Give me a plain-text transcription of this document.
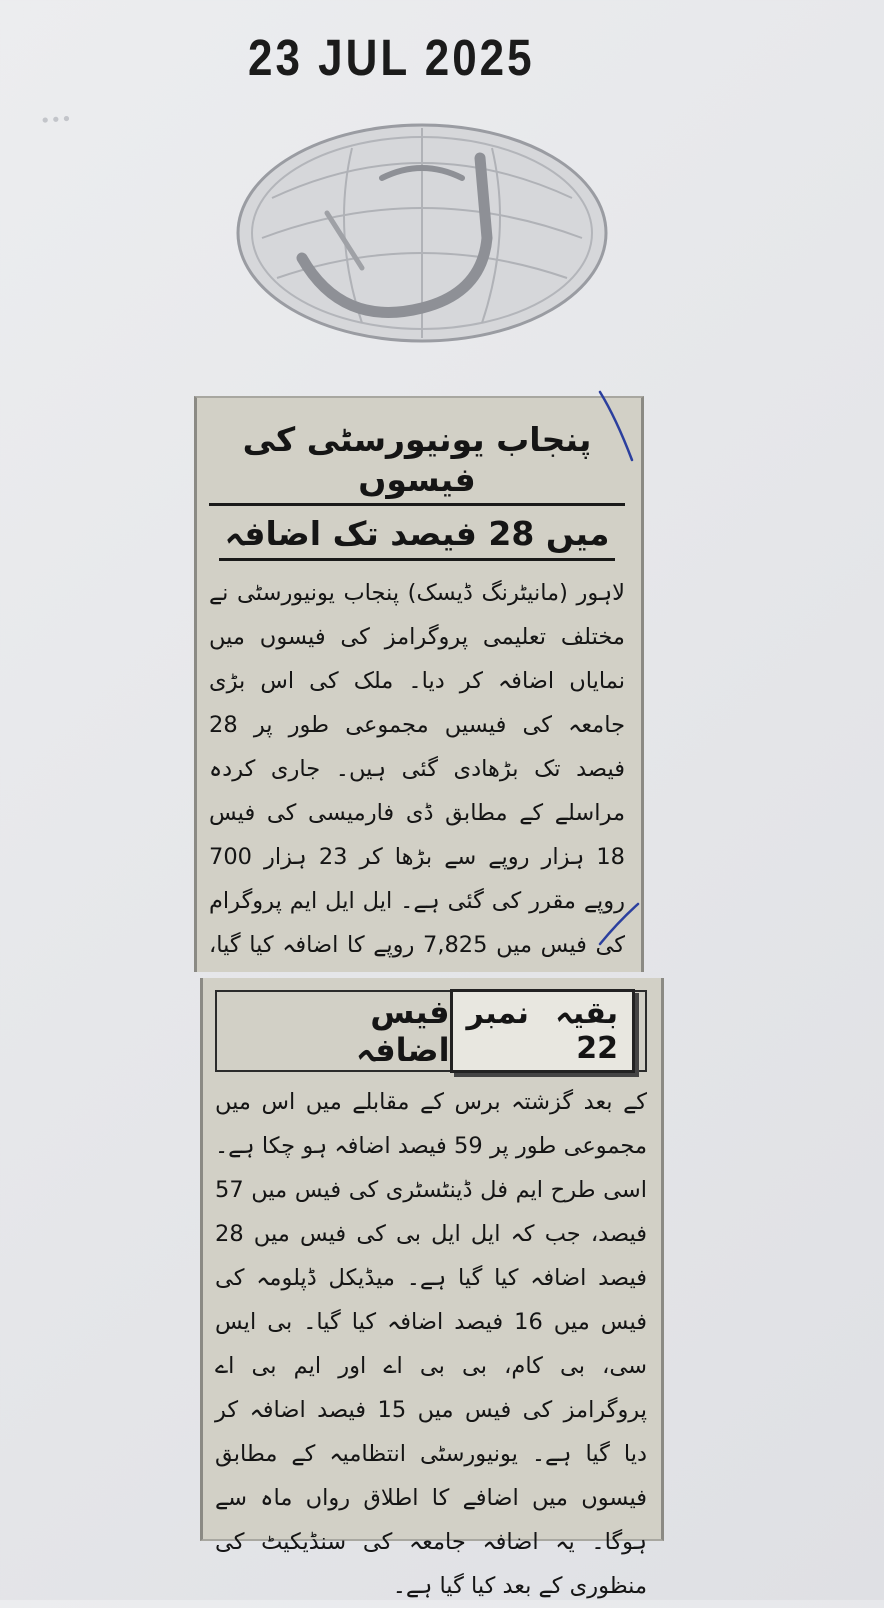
23 JUL 2025
•••
پنجاب یونیورسٹی کی فیسوں
میں 28 فیصد تک اضافہ

لاہور (مانیٹرنگ ڈیسک) پنجاب یونیورسٹی نے مختلف تعلیمی پروگرامز کی فیسوں میں نمایاں اضافہ کر دیا۔ ملک کی اس بڑی جامعہ کی فیسیں مجموعی طور پر 28 فیصد تک بڑھادی گئی ہیں۔ جاری کردہ مراسلے کے مطابق ڈی فارمیسی کی فیس 18 ہزار روپے سے بڑھا کر 23 ہزار 700 روپے مقرر کی گئی ہے۔ ایل ایل ایم پروگرام کی فیس میں 7,825 روپے کا اضافہ کیا گیا،

بقیہ نمبر 22
فیس اضافہ

کے بعد گزشتہ برس کے مقابلے میں اس میں مجموعی طور پر 59 فیصد اضافہ ہو چکا ہے۔ اسی طرح ایم فل ڈینٹسٹری کی فیس میں 57 فیصد، جب کہ ایل ایل بی کی فیس میں 28 فیصد اضافہ کیا گیا ہے۔ میڈیکل ڈپلومہ کی فیس میں 16 فیصد اضافہ کیا گیا۔ بی ایس سی، بی کام، بی بی اے اور ایم بی اے پروگرامز کی فیس میں 15 فیصد اضافہ کر دیا گیا ہے۔ یونیورسٹی انتظامیہ کے مطابق فیسوں میں اضافے کا اطلاق رواں ماہ سے ہوگا۔ یہ اضافہ جامعہ کی سنڈیکیٹ کی منظوری کے بعد کیا گیا ہے۔
